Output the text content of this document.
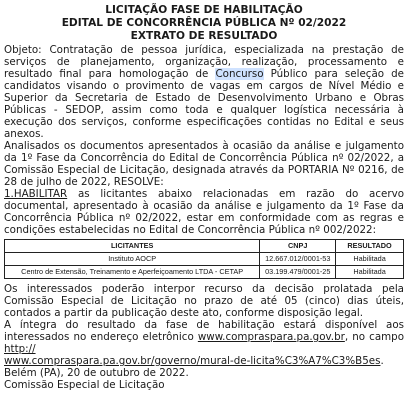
LICITAÇÃO FASE DE HABILITAÇÃO
EDITAL DE CONCORRÊNCIA PÚBLICA Nº 02/2022
EXTRATO DE RESULTADO

Objeto: Contratação de pessoa jurídica, especializada na prestação de serviços de planejamento, organização, realização, processamento e resultado final para homologação de Concurso Público para seleção de candidatos visando o provimento de vagas em cargos de Nível Médio e Superior da Secretaria de Estado de Desenvolvimento Urbano e Obras Públicas - SEDOP, assim como toda e qualquer logística necessária à execução dos serviços, conforme especificações contidas no Edital e seus anexos.

Analisados os documentos apresentados à ocasião da análise e julgamento da 1º Fase da Concorrência do Edital de Concorrência Pública nº 02/2022, a Comissão Especial de Licitação, designada através da PORTARIA Nº 0216, de 28 de julho de 2022, RESOLVE:

1.HABILITAR as licitantes abaixo relacionadas em razão do acervo documental, apresentado à ocasião da análise e julgamento da 1º Fase da Concorrência Pública nº 02/2022, estar em conformidade com as regras e condições estabelecidas no Edital de Concorrência Pública nº 002/2022:

LICITANTES	CNPJ	RESULTADO
Instituto AOCP	12.667.012/0001-53	Habilitada
Centro de Extensão, Treinamento e Aperfeiçoamento LTDA - CETAP	03.199.479/0001-25	Habilitada

Os interessados poderão interpor recurso da decisão prolatada pela Comissão Especial de Licitação no prazo de até 05 (cinco) dias úteis, contados a partir da publicação deste ato, conforme disposição legal.

A íntegra do resultado da fase de habilitação estará disponível aos interessados no endereço eletrônico www.compraspara.pa.gov.br, no campo http://
www.compraspara.pa.gov.br/governo/mural-de-licita%C3%A7%C3%B5es.

Belém (PA), 20 de outubro de 2022.

Comissão Especial de Licitação
